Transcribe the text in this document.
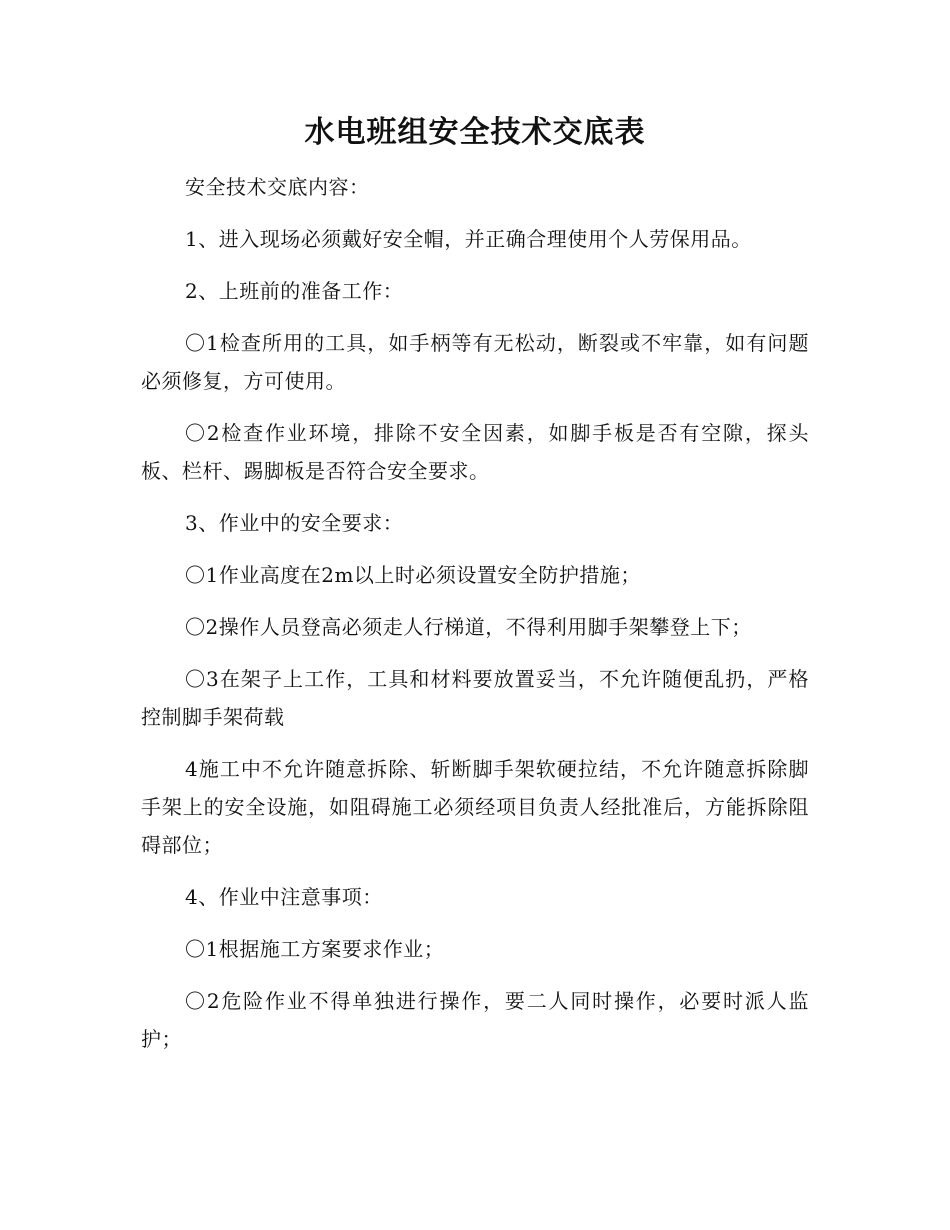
水电班组安全技术交底表

安全技术交底内容：

1、进入现场必须戴好安全帽，并正确合理使用个人劳保用品。

2、上班前的准备工作：

〇1检查所用的工具，如手柄等有无松动，断裂或不牢靠，如有问题必须修复，方可使用。

〇2检查作业环境，排除不安全因素，如脚手板是否有空隙，探头板、栏杆、踢脚板是否符合安全要求。

3、作业中的安全要求：

〇1作业高度在2m以上时必须设置安全防护措施；

〇2操作人员登高必须走人行梯道，不得利用脚手架攀登上下；

〇3在架子上工作，工具和材料要放置妥当，不允许随便乱扔，严格控制脚手架荷载

4施工中不允许随意拆除、斩断脚手架软硬拉结，不允许随意拆除脚手架上的安全设施，如阻碍施工必须经项目负责人经批准后，方能拆除阻碍部位；

4、作业中注意事项：

〇1根据施工方案要求作业；

〇2危险作业不得单独进行操作，要二人同时操作，必要时派人监护；
